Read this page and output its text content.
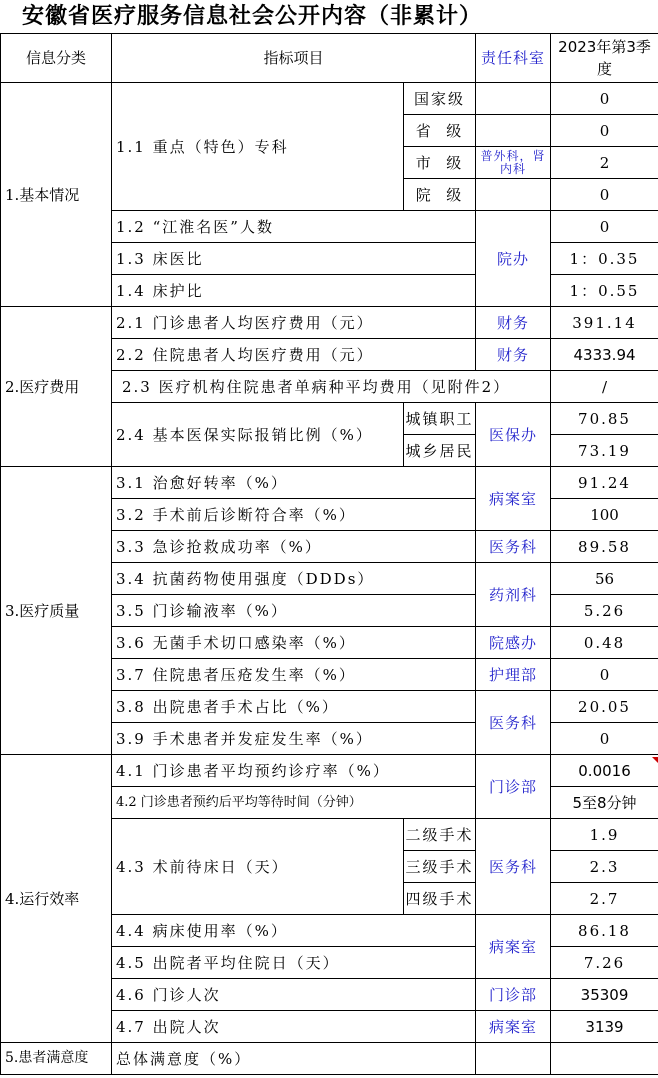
安徽省医疗服务信息社会公开内容（非累计）
信息分类	指标项目		责任科室	2023年第3季度
1.基本情况	1.1 重点（特色）专科	国家级		0
		省  级		0
		市  级	普外科，肾内科	2
		院  级		0
	1.2 “江淮名医”人数		院办	0
	1.3 床医比			1：0.35
	1.4 床护比			1：0.55
2.医疗费用	2.1 门诊患者人均医疗费用（元）		财务	391.14
	2.2 住院患者人均医疗费用（元）		财务	4333.94
	2.3 医疗机构住院患者单病种平均费用（见附件2）			/
	2.4 基本医保实际报销比例（%）	城镇职工	医保办	70.85
		城乡居民		73.19
3.医疗质量	3.1 治愈好转率（%）		病案室	91.24
	3.2 手术前后诊断符合率（%）			100
	3.3 急诊抢救成功率（%）		医务科	89.58
	3.4 抗菌药物使用强度（DDDs）		药剂科	56
	3.5 门诊输液率（%）			5.26
	3.6 无菌手术切口感染率（%）		院感办	0.48
	3.7 住院患者压疮发生率（%）		护理部	0
	3.8 出院患者手术占比（%）		医务科	20.05
	3.9 手术患者并发症发生率（%）			0
4.运行效率	4.1 门诊患者平均预约诊疗率（%）		门诊部	0.0016
	4.2 门诊患者预约后平均等待时间（分钟）			5至8分钟
	4.3 术前待床日（天）	二级手术	医务科	1.9
		三级手术		2.3
		四级手术		2.7
	4.4 病床使用率（%）		病案室	86.18
	4.5 出院者平均住院日（天）			7.26
	4.6 门诊人次		门诊部	35309
	4.7 出院人次		病案室	3139

5.患者满意度	总体满意度（%）			
